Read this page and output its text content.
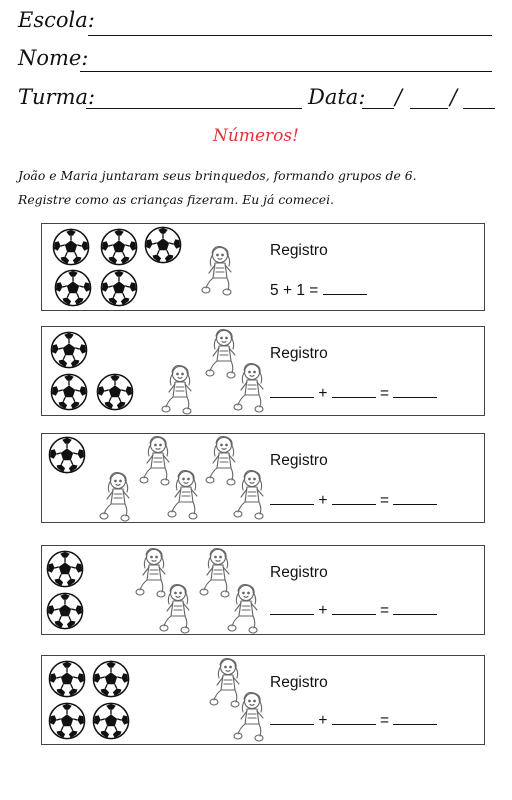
Escola:
Nome:
Turma:	Data: / /
Números!
João e Maria juntaram seus brinquedos, formando grupos de 6.
Registre como as crianças fizeram. Eu já comecei.
Registro
5 + 1 =
Registro
+	=
Registro
+	=
Registro
+	=
Registro
+	=
